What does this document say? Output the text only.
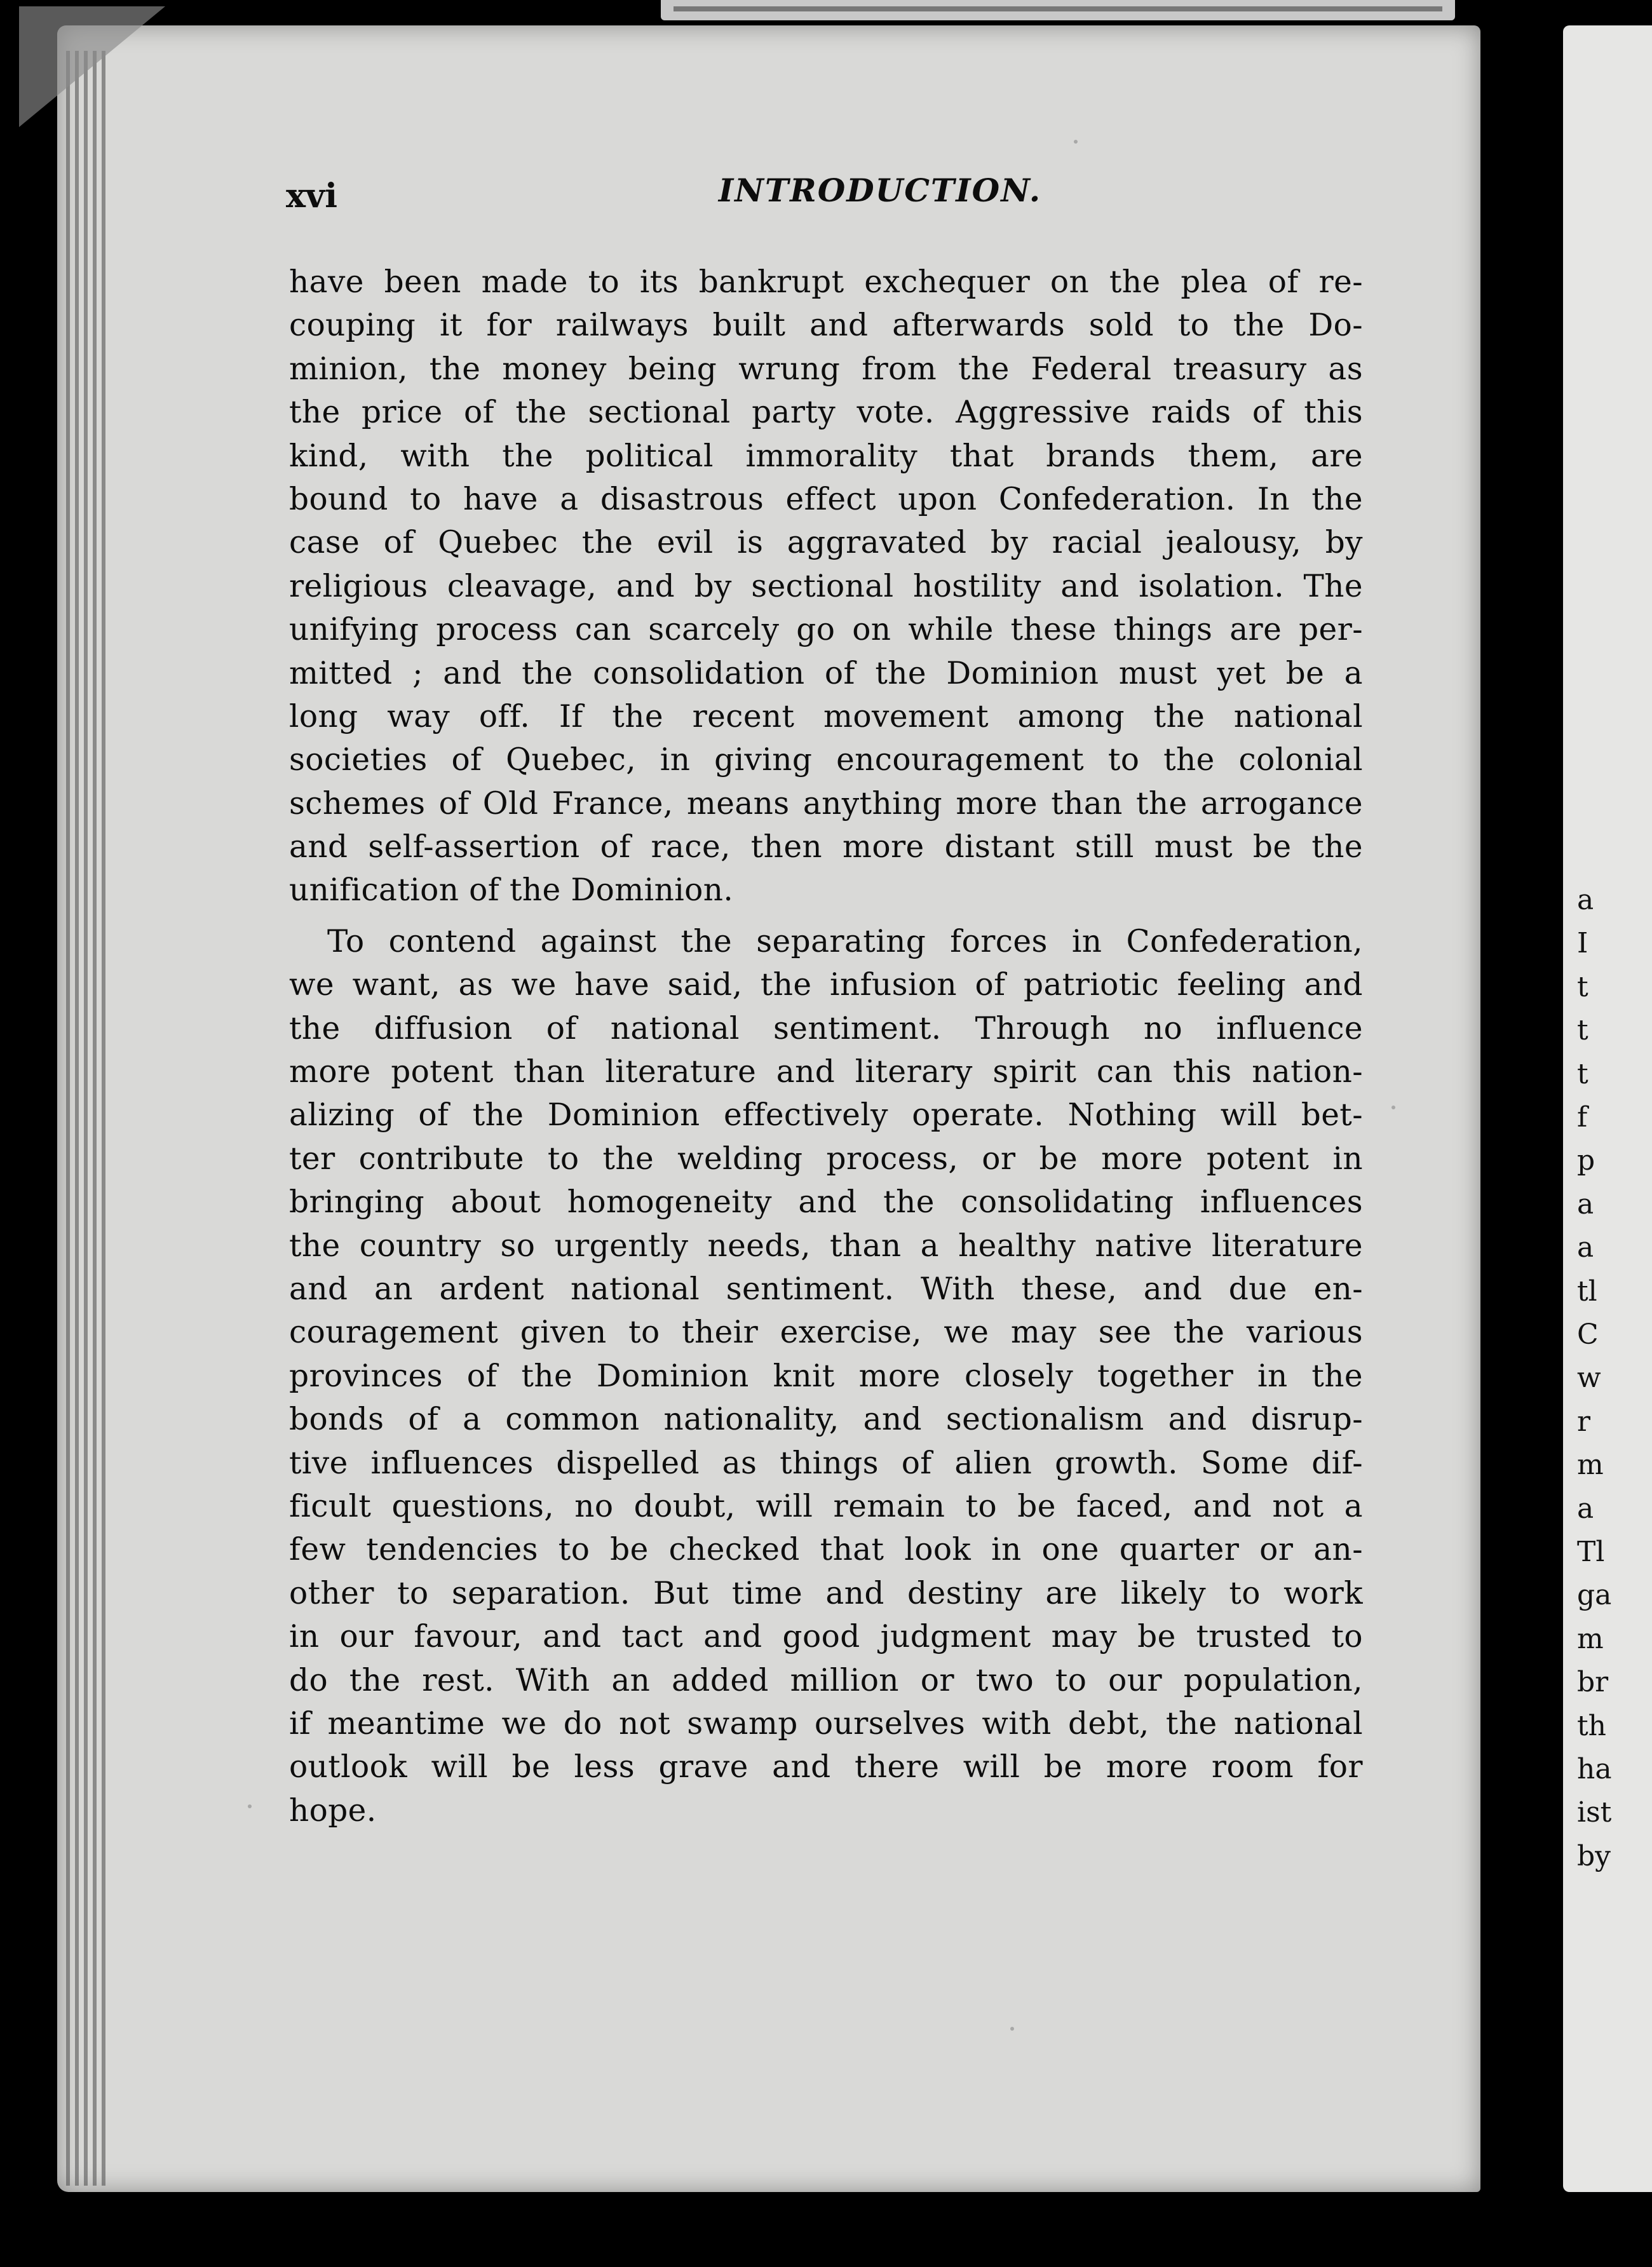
xvi	INTRODUCTION.
have been made to its bankrupt exchequer on the plea of re-
couping it for railways built and afterwards sold to the Do-
minion, the money being wrung from the Federal treasury as
the price of the sectional party vote. Aggressive raids of this
kind, with the political immorality that brands them, are
bound to have a disastrous effect upon Confederation. In the
case of Quebec the evil is aggravated by racial jealousy, by
religious cleavage, and by sectional hostility and isolation. The
unifying process can scarcely go on while these things are per-
mitted ; and the consolidation of the Dominion must yet be a
long way off. If the recent movement among the national
societies of Quebec, in giving encouragement to the colonial
schemes of Old France, means anything more than the arrogance
and self-assertion of race, then more distant still must be the
unification of the Dominion.
To contend against the separating forces in Confederation,
we want, as we have said, the infusion of patriotic feeling and
the diffusion of national sentiment. Through no influence
more potent than literature and literary spirit can this nation-
alizing of the Dominion effectively operate. Nothing will bet-
ter contribute to the welding process, or be more potent in
bringing about homogeneity and the consolidating influences
the country so urgently needs, than a healthy native literature
and an ardent national sentiment. With these, and due en-
couragement given to their exercise, we may see the various
provinces of the Dominion knit more closely together in the
bonds of a common nationality, and sectionalism and disrup-
tive influences dispelled as things of alien growth. Some dif-
ficult questions, no doubt, will remain to be faced, and not a
few tendencies to be checked that look in one quarter or an-
other to separation. But time and destiny are likely to work
in our favour, and tact and good judgment may be trusted to
do the rest. With an added million or two to our population,
if meantime we do not swamp ourselves with debt, the national
outlook will be less grave and there will be more room for
hope.
a
I
t
t
t
f
p
a
a
tl
C
w
r
m
a
Tl
ga
m
br
th
ha
ist
by
